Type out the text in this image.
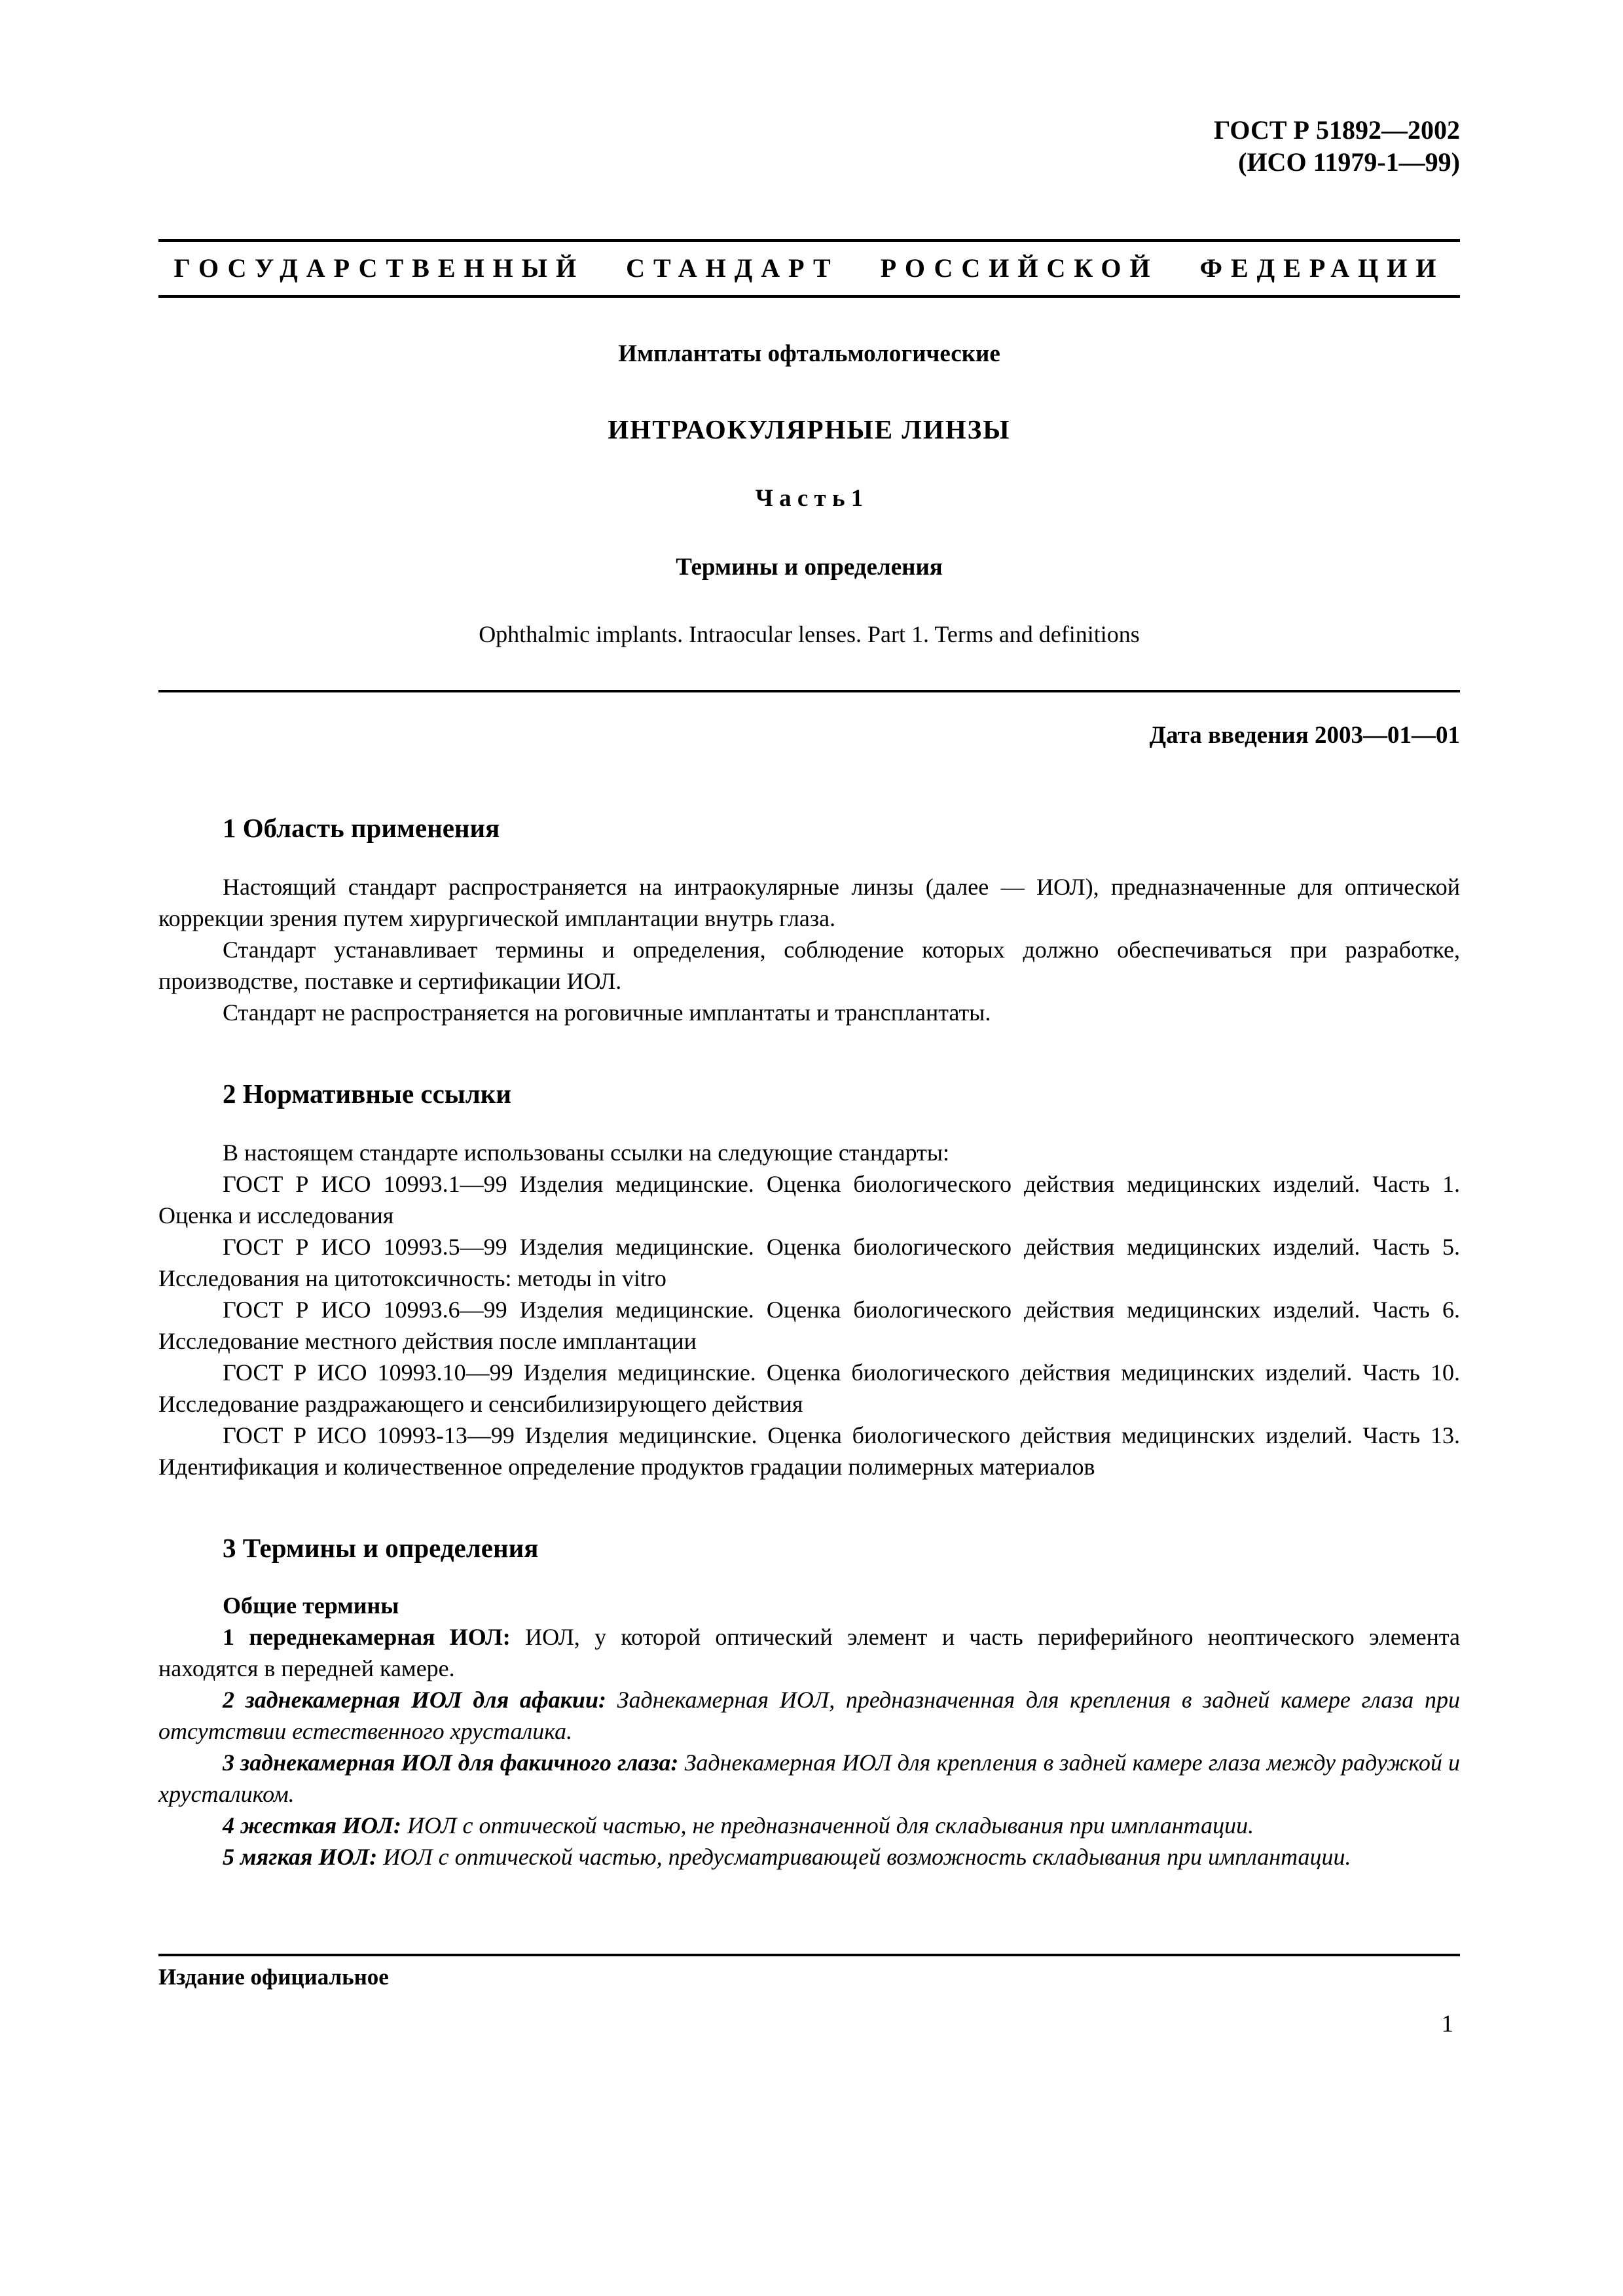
ГОСТ Р 51892—2002
(ИСО 11979-1—99)
ГОСУДАРСТВЕННЫЙ СТАНДАРТ РОССИЙСКОЙ ФЕДЕРАЦИИ

Имплантаты офтальмологические

ИНТРАОКУЛЯРНЫЕ ЛИНЗЫ

Ч а с т ь 1

Термины и определения

Ophthalmic implants. Intraocular lenses. Part 1. Terms and definitions

Дата введения 2003—01—01

1 Область применения

Настоящий стандарт распространяется на интраокулярные линзы (далее — ИОЛ), предназначенные для оптической коррекции зрения путем хирургической имплантации внутрь глаза.

Стандарт устанавливает термины и определения, соблюдение которых должно обеспечиваться при разработке, производстве, поставке и сертификации ИОЛ.

Стандарт не распространяется на роговичные имплантаты и трансплантаты.

2 Нормативные ссылки

В настоящем стандарте использованы ссылки на следующие стандарты:

ГОСТ Р ИСО 10993.1—99 Изделия медицинские. Оценка биологического действия медицинских изделий. Часть 1. Оценка и исследования

ГОСТ Р ИСО 10993.5—99 Изделия медицинские. Оценка биологического действия медицинских изделий. Часть 5. Исследования на цитотоксичность: методы in vitro

ГОСТ Р ИСО 10993.6—99 Изделия медицинские. Оценка биологического действия медицинских изделий. Часть 6. Исследование местного действия после имплантации

ГОСТ Р ИСО 10993.10—99 Изделия медицинские. Оценка биологического действия медицинских изделий. Часть 10. Исследование раздражающего и сенсибилизирующего действия

ГОСТ Р ИСО 10993-13—99 Изделия медицинские. Оценка биологического действия медицинских изделий. Часть 13. Идентификация и количественное определение продуктов градации полимерных материалов

3 Термины и определения

Общие термины

1 переднекамерная ИОЛ: ИОЛ, у которой оптический элемент и часть периферийного неоптического элемента находятся в передней камере.

2 заднекамерная ИОЛ для афакии: Заднекамерная ИОЛ, предназначенная для крепления в задней камере глаза при отсутствии естественного хрусталика.

3 заднекамерная ИОЛ для факичного глаза: Заднекамерная ИОЛ для крепления в задней камере глаза между радужкой и хрусталиком.

4 жесткая ИОЛ: ИОЛ с оптической частью, не предназначенной для складывания при имплантации.

5 мягкая ИОЛ: ИОЛ с оптической частью, предусматривающей возможность складывания при имплантации.

Издание официальное

1
